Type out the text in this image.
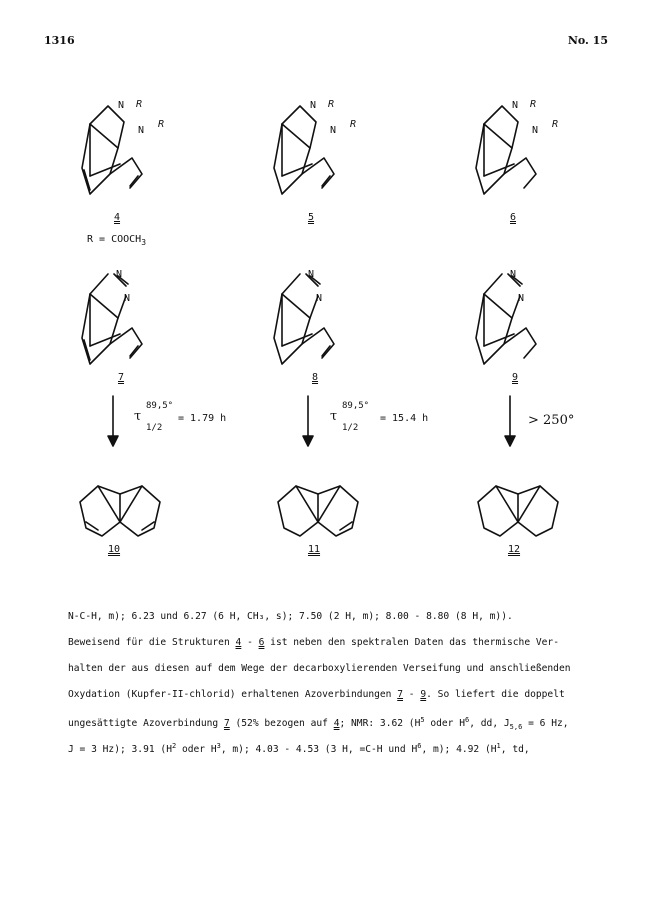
1316	No. 15
N R
N
R
N R
N
R
N R
N
R
N
N
N
N
N
N
4	5	6
$R = COOCH_3$
7	8	9
10	11	12
τ
89,5°
1/2
= 1.79 h	τ
89,5°
1/2
= 15.4 h	> 250°
N-C-H, m); 6.23 und 6.27 (6 H, CH₃, s); 7.50 (2 H, m); 8.00 - 8.80 (8 H, m)).
Beweisend für die Strukturen 4 - 6 ist neben den spektralen Daten das thermische Ver-
halten der aus diesen auf dem Wege der decarboxylierenden Verseifung und anschließenden
Oxydation (Kupfer-II-chlorid) erhaltenen Azoverbindungen 7 - 9. So liefert die doppelt
ungesättigte Azoverbindung 7 (52% bezogen auf 4; NMR: 3.62 ($H^5$ oder $H^6$, dd, $J_{5,6} = 6$ Hz,
J = 3 Hz); 3.91 ($H^2$ oder $H^3$, m); 4.03 - 4.53 (3 H, =C-H und $H^6$, m); 4.92 ($H^1$, td,
